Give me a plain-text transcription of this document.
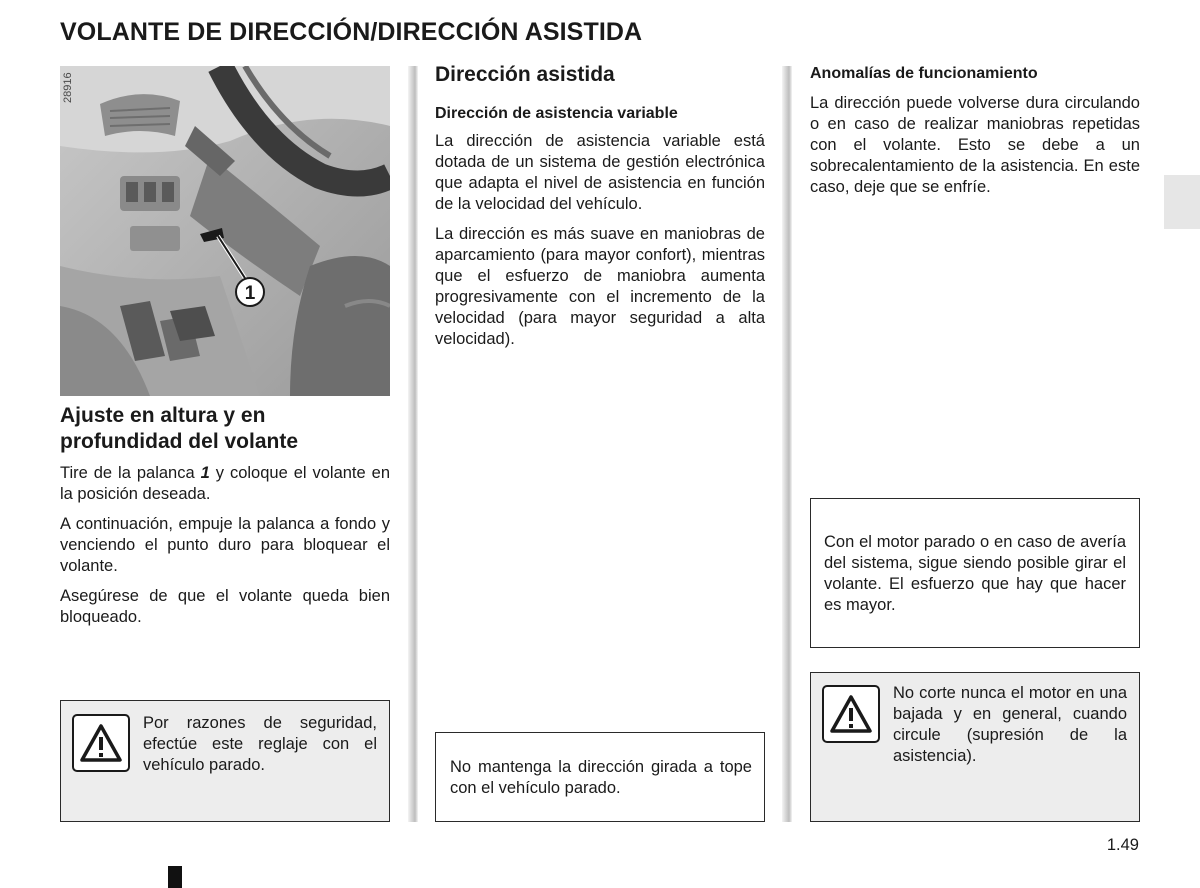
VOLANTE DE DIRECCIÓN/DIRECCIÓN ASISTIDA
1
28916
Ajuste en altura y en
profundidad del volante

Tire de la palanca 1 y coloque el volante en la posición deseada.

A continuación, empuje la palanca a fondo y venciendo el punto duro para bloquear el volante.

Asegúrese de que el volante queda bien bloqueado.

Por razones de seguridad, efectúe este reglaje con el vehículo parado.

Dirección asistida
Dirección de asistencia variable

La dirección de asistencia variable está dotada de un sistema de gestión electrónica que adapta el nivel de asistencia en función de la velocidad del vehículo.

La dirección es más suave en maniobras de aparcamiento (para mayor confort), mientras que el esfuerzo de maniobra aumenta progresivamente con el incremento de la velocidad (para mayor seguridad a alta velocidad).

No mantenga la dirección girada a tope con el vehículo parado.

Anomalías de funcionamiento

La dirección puede volverse dura circulando o en caso de realizar maniobras repetidas con el volante. Esto se debe a un sobrecalentamiento de la asistencia. En este caso, deje que se enfríe.

Con el motor parado o en caso de avería del sistema, sigue siendo posible girar el volante. El esfuerzo que hay que hacer es mayor.

No corte nunca el motor en una bajada y en general, cuando circule (supresión de la asistencia).

1.49
